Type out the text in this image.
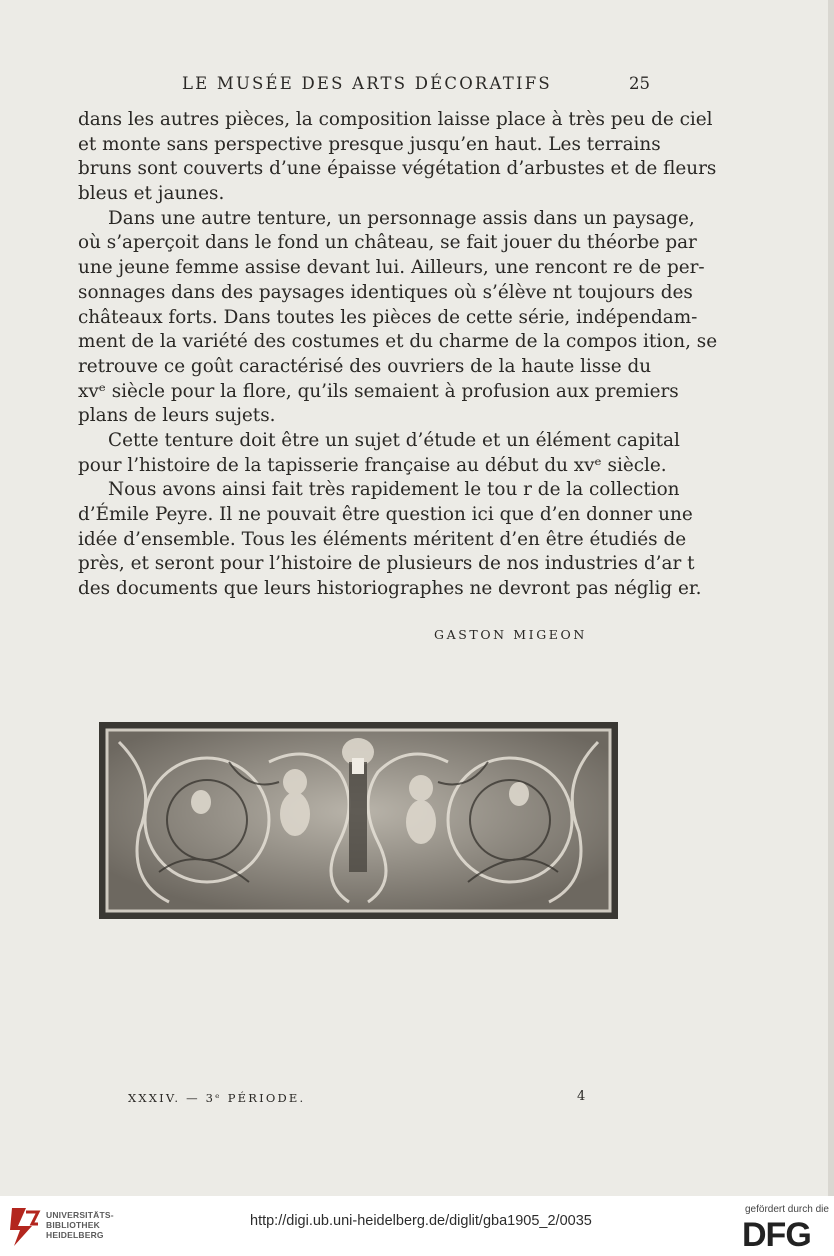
LE MUSÉE DES ARTS DÉCORATIFS	25
dans les autres pièces, la composition laisse place à très peu de ciel
et monte sans perspective presque jusqu’en haut. Les terrains
bruns sont couverts d’une épaisse végétation d’arbustes et de fleurs
bleus et jaunes.
Dans une autre tenture, un personnage assis dans un paysage,
où s’aperçoit dans le fond un château, se fait jouer du théorbe par
une jeune femme assise devant lui. Ailleurs, une rencont re de per-
sonnages dans des paysages identiques où s’élève nt toujours des
châteaux forts. Dans toutes les pièces de cette série, indépendam-
ment de la variété des costumes et du charme de la compos ition, se
retrouve ce goût caractérisé des ouvriers de la haute lisse du
xvᵉ siècle pour la flore, qu’ils semaient à profusion aux premiers
plans de leurs sujets.
Cette tenture doit être un sujet d’étude et un élément capital
pour l’histoire de la tapisserie française au début du xvᵉ siècle.
Nous avons ainsi fait très rapidement le tou r de la collection
d’Émile Peyre. Il ne pouvait être question ici que d’en donner une
idée d’ensemble. Tous les éléments méritent d’en être étudiés de
près, et seront pour l’histoire de plusieurs de nos industries d’ar t
des documents que leurs historiographes ne devront pas néglig er.
GASTON MIGEON
XXXIV. — 3ᵉ PÉRIODE.	4
UNIVERSITÄTS-
BIBLIOTHEK
HEIDELBERG
http://digi.ub.uni-heidelberg.de/diglit/gba1905_2/0035
gefördert durch die
DFG
